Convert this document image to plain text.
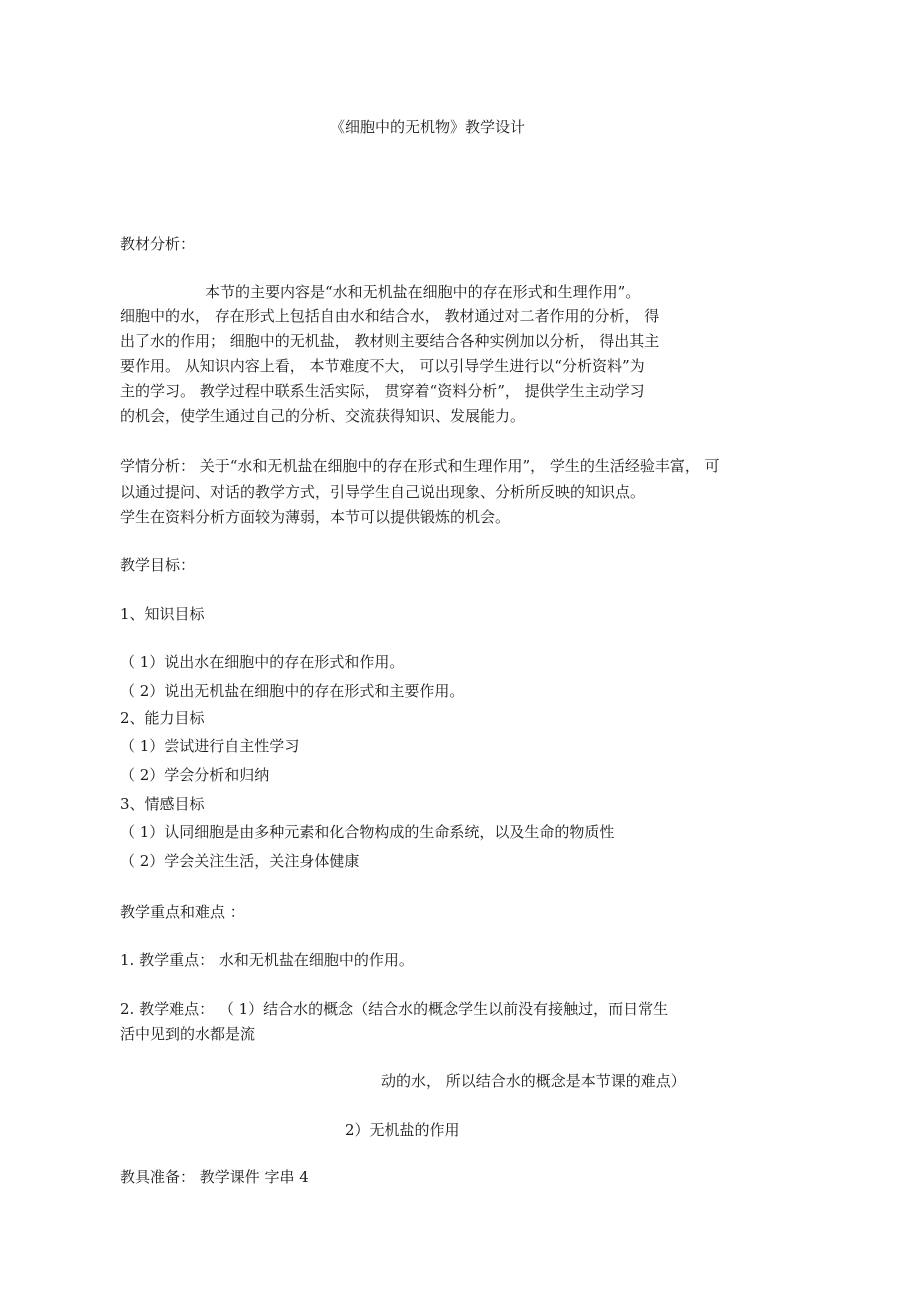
《细胞中的无机物》教学设计
教材分析：
本节的主要内容是“水和无机盐在细胞中的存在形式和生理作用”。
细胞中的水， 存在形式上包括自由水和结合水， 教材通过对二者作用的分析， 得
出了水的作用； 细胞中的无机盐， 教材则主要结合各种实例加以分析， 得出其主
要作用。 从知识内容上看， 本节难度不大， 可以引导学生进行以“分析资料”为
主的学习。 教学过程中联系生活实际， 贯穿着“资料分析”， 提供学生主动学习
的机会，使学生通过自己的分析、交流获得知识、发展能力。
学情分析： 关于“水和无机盐在细胞中的存在形式和生理作用”， 学生的生活经验丰富， 可
以通过提问、对话的教学方式，引导学生自己说出现象、分析所反映的知识点。
学生在资料分析方面较为薄弱，本节可以提供锻炼的机会。
教学目标：
1、知识目标
（ 1）说出水在细胞中的存在形式和作用。
（ 2）说出无机盐在细胞中的存在形式和主要作用。
2、能力目标
（ 1）尝试进行自主性学习
（ 2）学会分析和归纳
3、情感目标
（ 1）认同细胞是由多种元素和化合物构成的生命系统，以及生命的物质性
（ 2）学会关注生活，关注身体健康
教学重点和难点 ：
1. 教学重点： 水和无机盐在细胞中的作用。
2. 教学难点： （ 1）结合水的概念（结合水的概念学生以前没有接触过，而日常生
活中见到的水都是流
动的水， 所以结合水的概念是本节课的难点）
2）无机盐的作用
教具准备： 教学课件 字串 4
